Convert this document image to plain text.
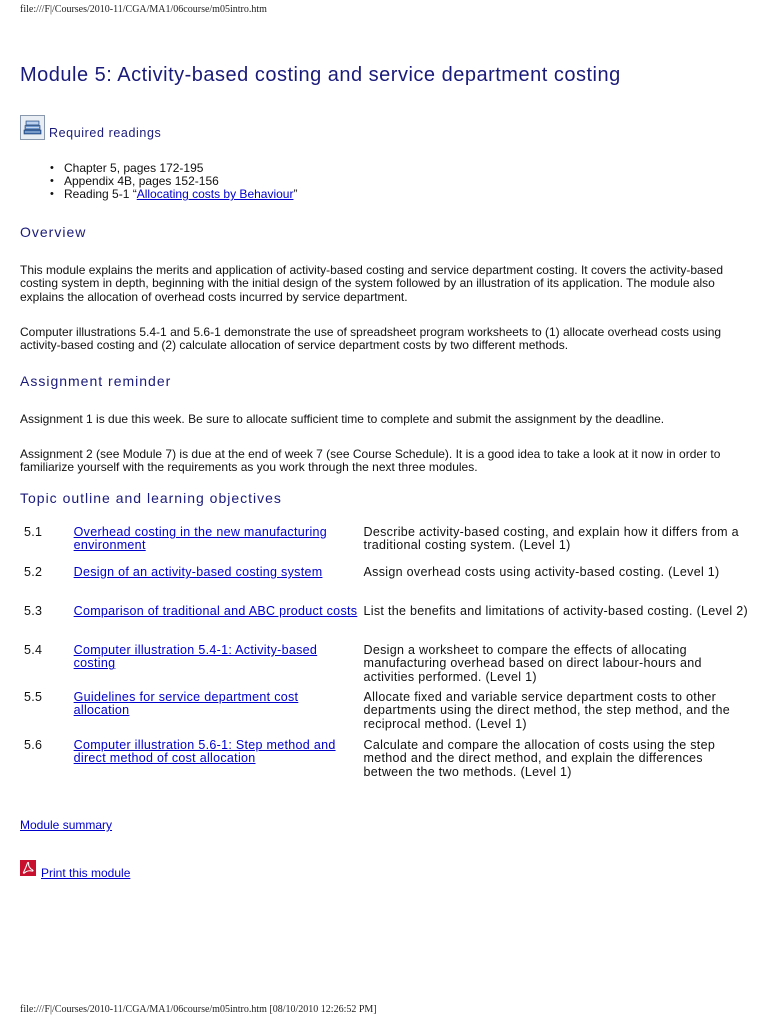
file:///F|/Courses/2010-11/CGA/MA1/06course/m05intro.htm
Module 5: Activity-based costing and service department costing
Required readings
• Chapter 5, pages 172-195
• Appendix 4B, pages 152-156
• Reading 5-1 “Allocating costs by Behaviour”
Overview

This module explains the merits and application of activity-based costing and service department costing. It covers the activity-based costing system in depth, beginning with the initial design of the system followed by an illustration of its application. The module also explains the allocation of overhead costs incurred by service department.

Computer illustrations 5.4-1 and 5.6-1 demonstrate the use of spreadsheet program worksheets to (1) allocate overhead costs using activity-based costing and (2) calculate allocation of service department costs by two different methods.

Assignment reminder

Assignment 1 is due this week. Be sure to allocate sufficient time to complete and submit the assignment by the deadline.

Assignment 2 (see Module 7) is due at the end of week 7 (see Course Schedule). It is a good idea to take a look at it now in order to familiarize yourself with the requirements as you work through the next three modules.

Topic outline and learning objectives
5.1	Overhead costing in the new manufacturing environment	Describe activity-based costing, and explain how it differs from a traditional costing system. (Level 1)
5.2	Design of an activity-based costing system	Assign overhead costs using activity-based costing. (Level 1)
5.3	Comparison of traditional and ABC product costs	List the benefits and limitations of activity-based costing. (Level 2)
5.4	Computer illustration 5.4-1: Activity-based costing	Design a worksheet to compare the effects of allocating manufacturing overhead based on direct labour-hours and activities performed. (Level 1)
5.5	Guidelines for service department cost allocation	Allocate fixed and variable service department costs to other departments using the direct method, the step method, and the reciprocal method. (Level 1)
5.6	Computer illustration 5.6-1: Step method and direct method of cost allocation	Calculate and compare the allocation of costs using the step method and the direct method, and explain the differences between the two methods. (Level 1)
Module summary
Print this module
file:///F|/Courses/2010-11/CGA/MA1/06course/m05intro.htm [08/10/2010 12:26:52 PM]
